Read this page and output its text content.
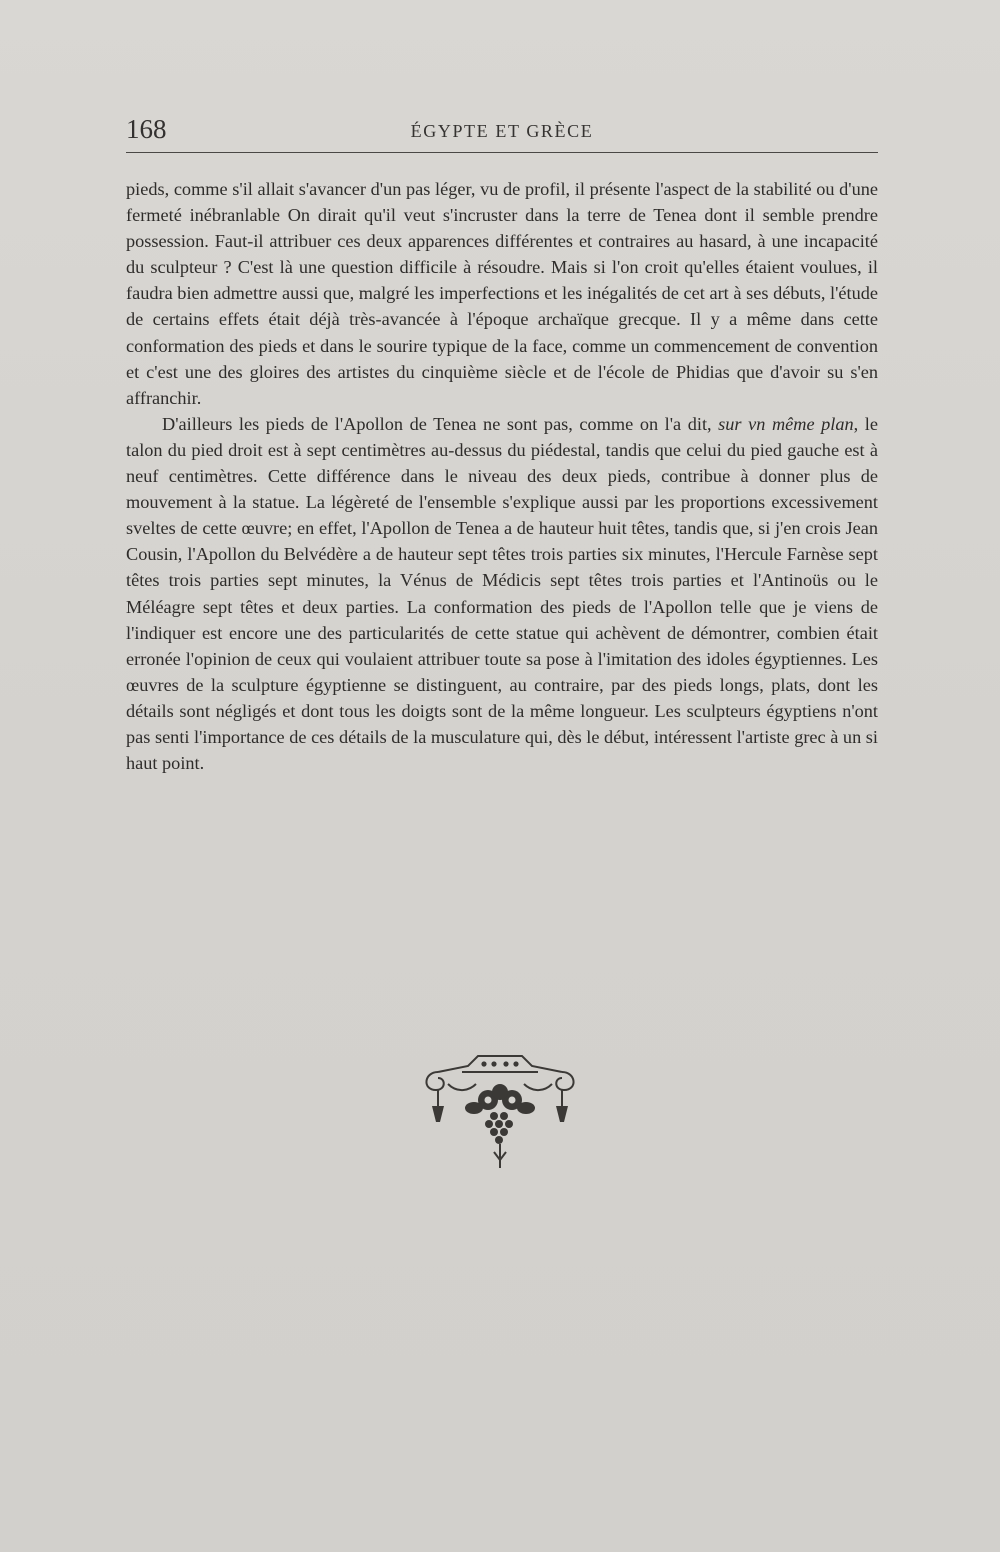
168	ÉGYPTE ET GRÈCE

pieds, comme s'il allait s'avancer d'un pas léger, vu de profil, il présente l'aspect de la stabilité ou d'une fermeté inébranlable On dirait qu'il veut s'incruster dans la terre de Tenea dont il semble prendre possession. Faut-il attribuer ces deux apparences différentes et contraires au hasard, à une incapacité du sculpteur ? C'est là une question difficile à résoudre. Mais si l'on croit qu'elles étaient voulues, il faudra bien admettre aussi que, malgré les imperfections et les inégalités de cet art à ses débuts, l'étude de certains effets était déjà très-avancée à l'époque archaïque grecque. Il y a même dans cette conformation des pieds et dans le sourire typique de la face, comme un commencement de convention et c'est une des gloires des artistes du cinquième siècle et de l'école de Phidias que d'avoir su s'en affranchir.

D'ailleurs les pieds de l'Apollon de Tenea ne sont pas, comme on l'a dit, sur vn même plan, le talon du pied droit est à sept centimètres au-dessus du piédestal, tandis que celui du pied gauche est à neuf centimètres. Cette différence dans le niveau des deux pieds, contribue à donner plus de mouvement à la statue. La légèreté de l'ensemble s'explique aussi par les proportions excessivement sveltes de cette œuvre; en effet, l'Apollon de Tenea a de hauteur huit têtes, tandis que, si j'en crois Jean Cousin, l'Apollon du Belvédère a de hauteur sept têtes trois parties six minutes, l'Hercule Farnèse sept têtes trois parties sept minutes, la Vénus de Médicis sept têtes trois parties et l'Antinoüs ou le Méléagre sept têtes et deux parties. La conformation des pieds de l'Apollon telle que je viens de l'indiquer est encore une des particularités de cette statue qui achèvent de démontrer, combien était erronée l'opinion de ceux qui voulaient attribuer toute sa pose à l'imitation des idoles égyptiennes. Les œuvres de la sculpture égyptienne se distinguent, au contraire, par des pieds longs, plats, dont les détails sont négligés et dont tous les doigts sont de la même longueur. Les sculpteurs égyptiens n'ont pas senti l'importance de ces détails de la musculature qui, dès le début, intéressent l'artiste grec à un si haut point.
